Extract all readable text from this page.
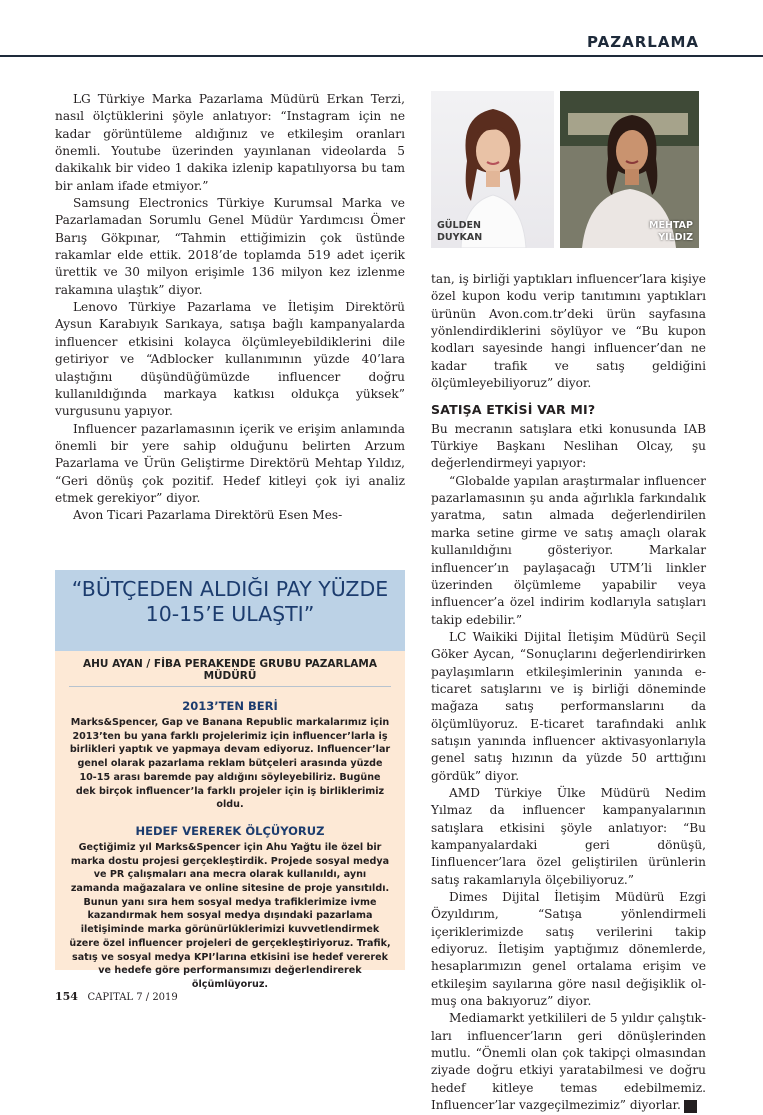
PAZARLAMA

LG Türkiye Marka Pazarlama Müdürü Erkan Terzi, nasıl ölçtüklerini şöyle anlatıyor: “Instagram için ne kadar görüntüleme aldığınız ve etkileşim oranları önemli. Youtube üzerinden yayınlanan videolarda 5 dakikalık bir video 1 dakika izlenip kapatılıyorsa bu tam bir anlam ifade etmiyor.”

Samsung Electronics Türkiye Kurumsal Marka ve Pazarlamadan Sorumlu Genel Müdür Yardımcısı Ömer Barış Gökpınar, “Tahmin ettiğimizin çok üstünde rakamlar elde ettik. 2018’de toplamda 519 adet içerik ürettik ve 30 milyon erişimle 136 milyon kez izlenme rakamına ulaştık” diyor.

Lenovo Türkiye Pazarlama ve İletişim Direktörü Aysun Karabıyık Sarıkaya, satışa bağlı kampanyalarda influencer etkisini kolayca ölçümleyebildiklerini dile getiriyor ve “Adblocker kullanımının yüzde 40’lara ulaştığını düşündüğümüzde influencer doğru kullanıldığında markaya katkısı oldukça yüksek” vurgusunu yapıyor.

Influencer pazarlamasının içerik ve erişim anlamında önemli bir yere sahip olduğunu belirten Arzum Pazarlama ve Ürün Geliştirme Direktörü Mehtap Yıldız, “Geri dönüş çok pozitif. Hedef kitleyi çok iyi analiz etmek gerekiyor” diyor.

Avon Ticari Pazarlama Direktörü Esen Mes-

GÜLDEN
DUYKAN
MEHTAP
YILDIZ

tan, iş birliği yaptıkları influencer’lara kişiye özel kupon kodu verip tanıtımını yaptıkları ürünün Avon.com.tr’deki ürün sayfasına yönlendirdiklerini söylüyor ve “Bu kupon kodları sayesinde hangi influencer’dan ne kadar trafik ve satış geldiğini ölçümleyebiliyoruz” diyor.

SATIŞA ETKİSİ VAR MI?

Bu mecranın satışlara etki konusunda IAB Türkiye Başkanı Neslihan Olcay, şu değerlendirmeyi yapıyor:

“Globalde yapılan araştırmalar influencer pazarlamasının şu anda ağırlıkla farkındalık yaratma, satın almada değerlendirilen marka setine girme ve satış amaçlı olarak kullanıldığını gösteriyor. Markalar influencer’ın paylaşacağı UTM’li linkler üzerinden ölçümleme yapabilir veya influencer’a özel indirim kodlarıyla satışları takip edebilir.”

LC Waikiki Dijital İletişim Müdürü Seçil Göker Aycan, “Sonuçlarını değerlendirirken paylaşımların etkileşimlerinin yanında e-ticaret satışlarını ve iş birliği döneminde mağaza satış performanslarını da ölçümlüyoruz. E-ticaret tarafındaki anlık satışın yanında influencer aktivasyonlarıyla genel satış hızının da yüzde 50 arttığını gördük” diyor.

AMD Türkiye Ülke Müdürü Nedim Yılmaz da influencer kampanyalarının satışlara etkisini şöyle anlatıyor: “Bu kampanyalardaki geri dönüşü, Iinfluencer’lara özel geliştirilen ürünlerin satış rakamlarıyla ölçebiliyoruz.”

Dimes Dijital İletişim Müdürü Ezgi Özyıldırım, “Satışa yönlendirmeli içeriklerimizde satış verilerini takip ediyoruz. İletişim yaptığımız dönemlerde, hesaplarımızın genel ortalama erişim ve etkileşim sayılarına göre nasıl değişiklik olmuş ona bakıyoruz” diyor.

Mediamarkt yetkilileri de 5 yıldır çalıştıkları influencer’ların geri dönüşlerinden mutlu. “Önemli olan çok takipçi olmasından ziyade doğru etkiyi yaratabilmesi ve doğru hedef kitleye temas edebilmemiz. Influencer’lar vazgeçilmezimiz” diyorlar. C

“BÜTÇEDEN ALDIĞI PAY YÜZDE 10-15’E ULAŞTI”
AHU AYAN / FİBA PERAKENDE GRUBU PAZARLAMA MÜDÜRÜ
2013’TEN BERİ
Marks&Spencer, Gap ve Banana Republic markalarımız için 2013’ten bu yana farklı projelerimiz için influencer’larla iş birlikleri yaptık ve yapmaya devam ediyoruz. Influencer’lar genel olarak pazarlama reklam bütçeleri arasında yüzde 10-15 arası baremde pay aldığını söyleyebiliriz. Bugüne dek birçok influencer’la farklı projeler için iş birliklerimiz oldu.
HEDEF VEREREK ÖLÇÜYORUZ
Geçtiğimiz yıl Marks&Spencer için Ahu Yağtu ile özel bir marka dostu projesi gerçekleştirdik. Projede sosyal medya ve PR çalışmaları ana mecra olarak kullanıldı, aynı zamanda mağazalara ve online sitesine de proje yansıtıldı. Bunun yanı sıra hem sosyal medya trafiklerimize ivme kazandırmak hem sosyal medya dışındaki pazarlama iletişiminde marka görünürlüklerimizi kuvvetlendirmek üzere özel influencer projeleri de gerçekleştiriyoruz. Trafik, satış ve sosyal medya KPI’larına etkisini ise hedef vererek ve hedefe göre performansımızı değerlendirerek ölçümlüyoruz.
154 CAPITAL 7 / 2019
